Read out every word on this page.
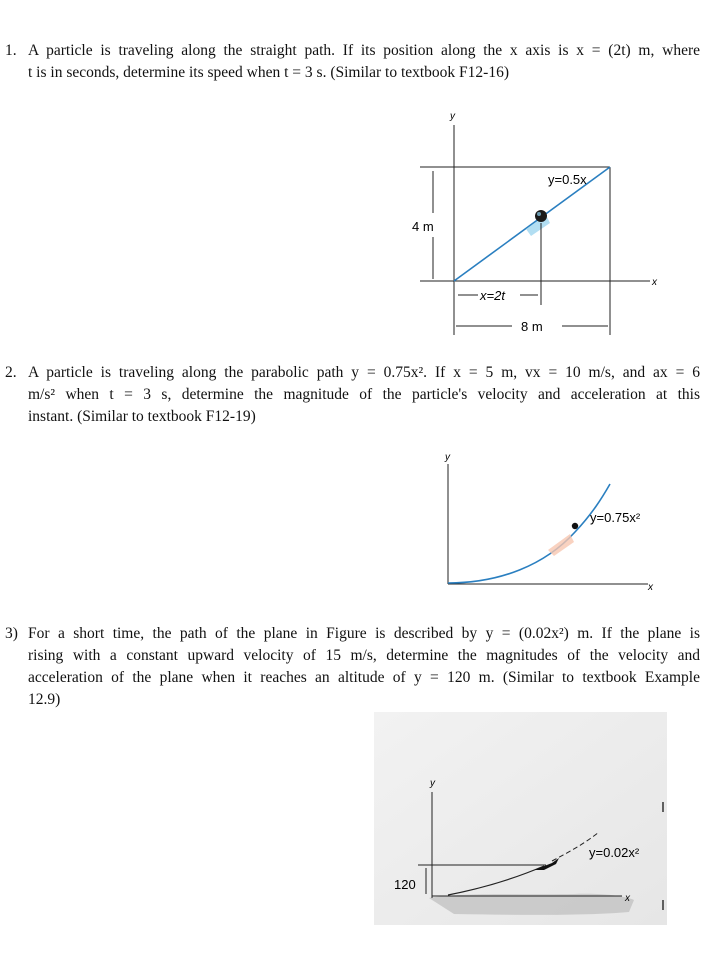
1. A particle is traveling along the straight path. If its position along the x axis is x = (2t) m, where
t is in seconds, determine its speed when t = 3 s. (Similar to textbook F12-16)
y
x
4 m
y=0.5x
x=2t
8 m
2. A particle is traveling along the parabolic path y = 0.75x². If x = 5 m, vx = 10 m/s, and ax = 6
m/s² when t = 3 s, determine the magnitude of the particle's velocity and acceleration at this
instant. (Similar to textbook F12-19)
y
x
y=0.75x²
3) For a short time, the path of the plane in Figure is described by y = (0.02x²) m. If the plane is
rising with a constant upward velocity of 15 m/s, determine the magnitudes of the velocity and
acceleration of the plane when it reaches an altitude of y = 120 m. (Similar to textbook Example
12.9)
y
x
120
y=0.02x²
